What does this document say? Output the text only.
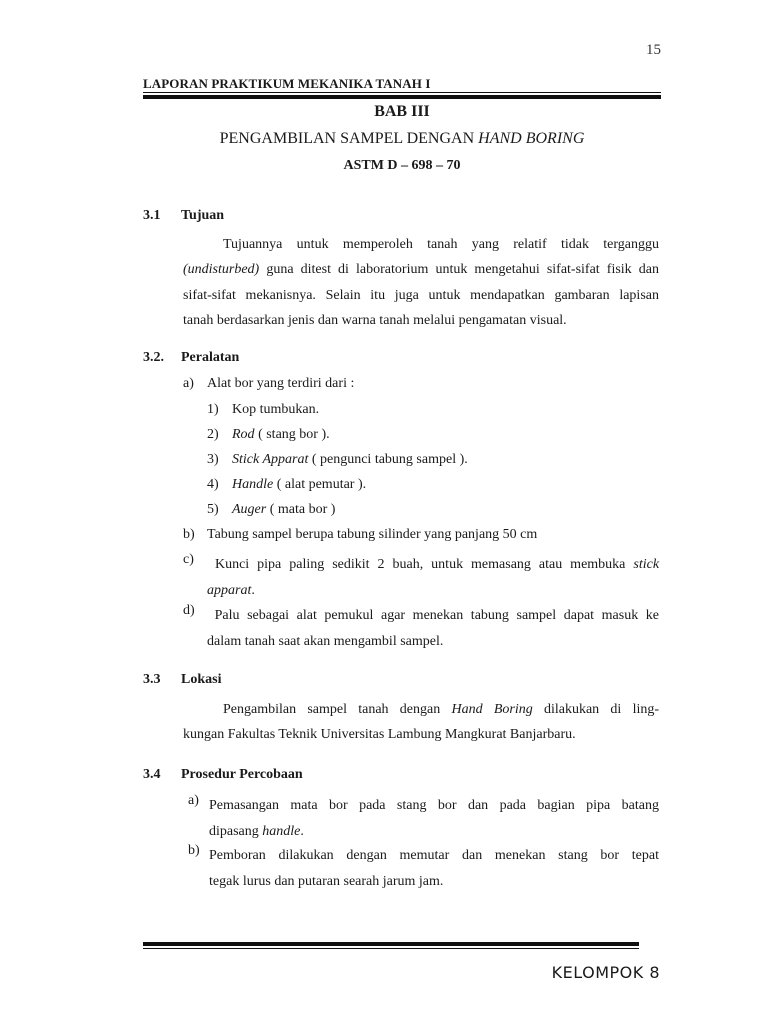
15
LAPORAN PRAKTIKUM MEKANIKA TANAH I
BAB III
PENGAMBILAN SAMPEL DENGAN HAND BORING
ASTM D – 698 – 70
3.1 Tujuan
Tujuannya untuk memperoleh tanah yang relatif tidak terganggu
(undisturbed) guna ditest di laboratorium untuk mengetahui sifat-sifat fisik dan
sifat-sifat mekanisnya. Selain itu juga untuk mendapatkan gambaran lapisan
tanah berdasarkan jenis dan warna tanah melalui pengamatan visual.
3.2. Peralatan
a) Alat bor yang terdiri dari :
1) Kop tumbukan.
2) Rod ( stang bor ).
3) Stick Apparat ( pengunci tabung sampel ).
4) Handle ( alat pemutar ).
5) Auger ( mata bor )
b) Tabung sampel berupa tabung silinder yang panjang 50 cm
c)	Kunci pipa paling sedikit 2 buah, untuk memasang atau membuka stick
apparat.
d)	Palu sebagai alat pemukul agar menekan tabung sampel dapat masuk ke
dalam tanah saat akan mengambil sampel.
3.3 Lokasi
Pengambilan sampel tanah dengan Hand Boring dilakukan di ling-
kungan Fakultas Teknik Universitas Lambung Mangkurat Banjarbaru.
3.4 Prosedur Percobaan
a) Pemasangan mata bor pada stang bor dan pada bagian pipa batang
dipasang handle.
b) Pemboran dilakukan dengan memutar dan menekan stang bor tepat
tegak lurus dan putaran searah jarum jam.
KELOMPOK 8
